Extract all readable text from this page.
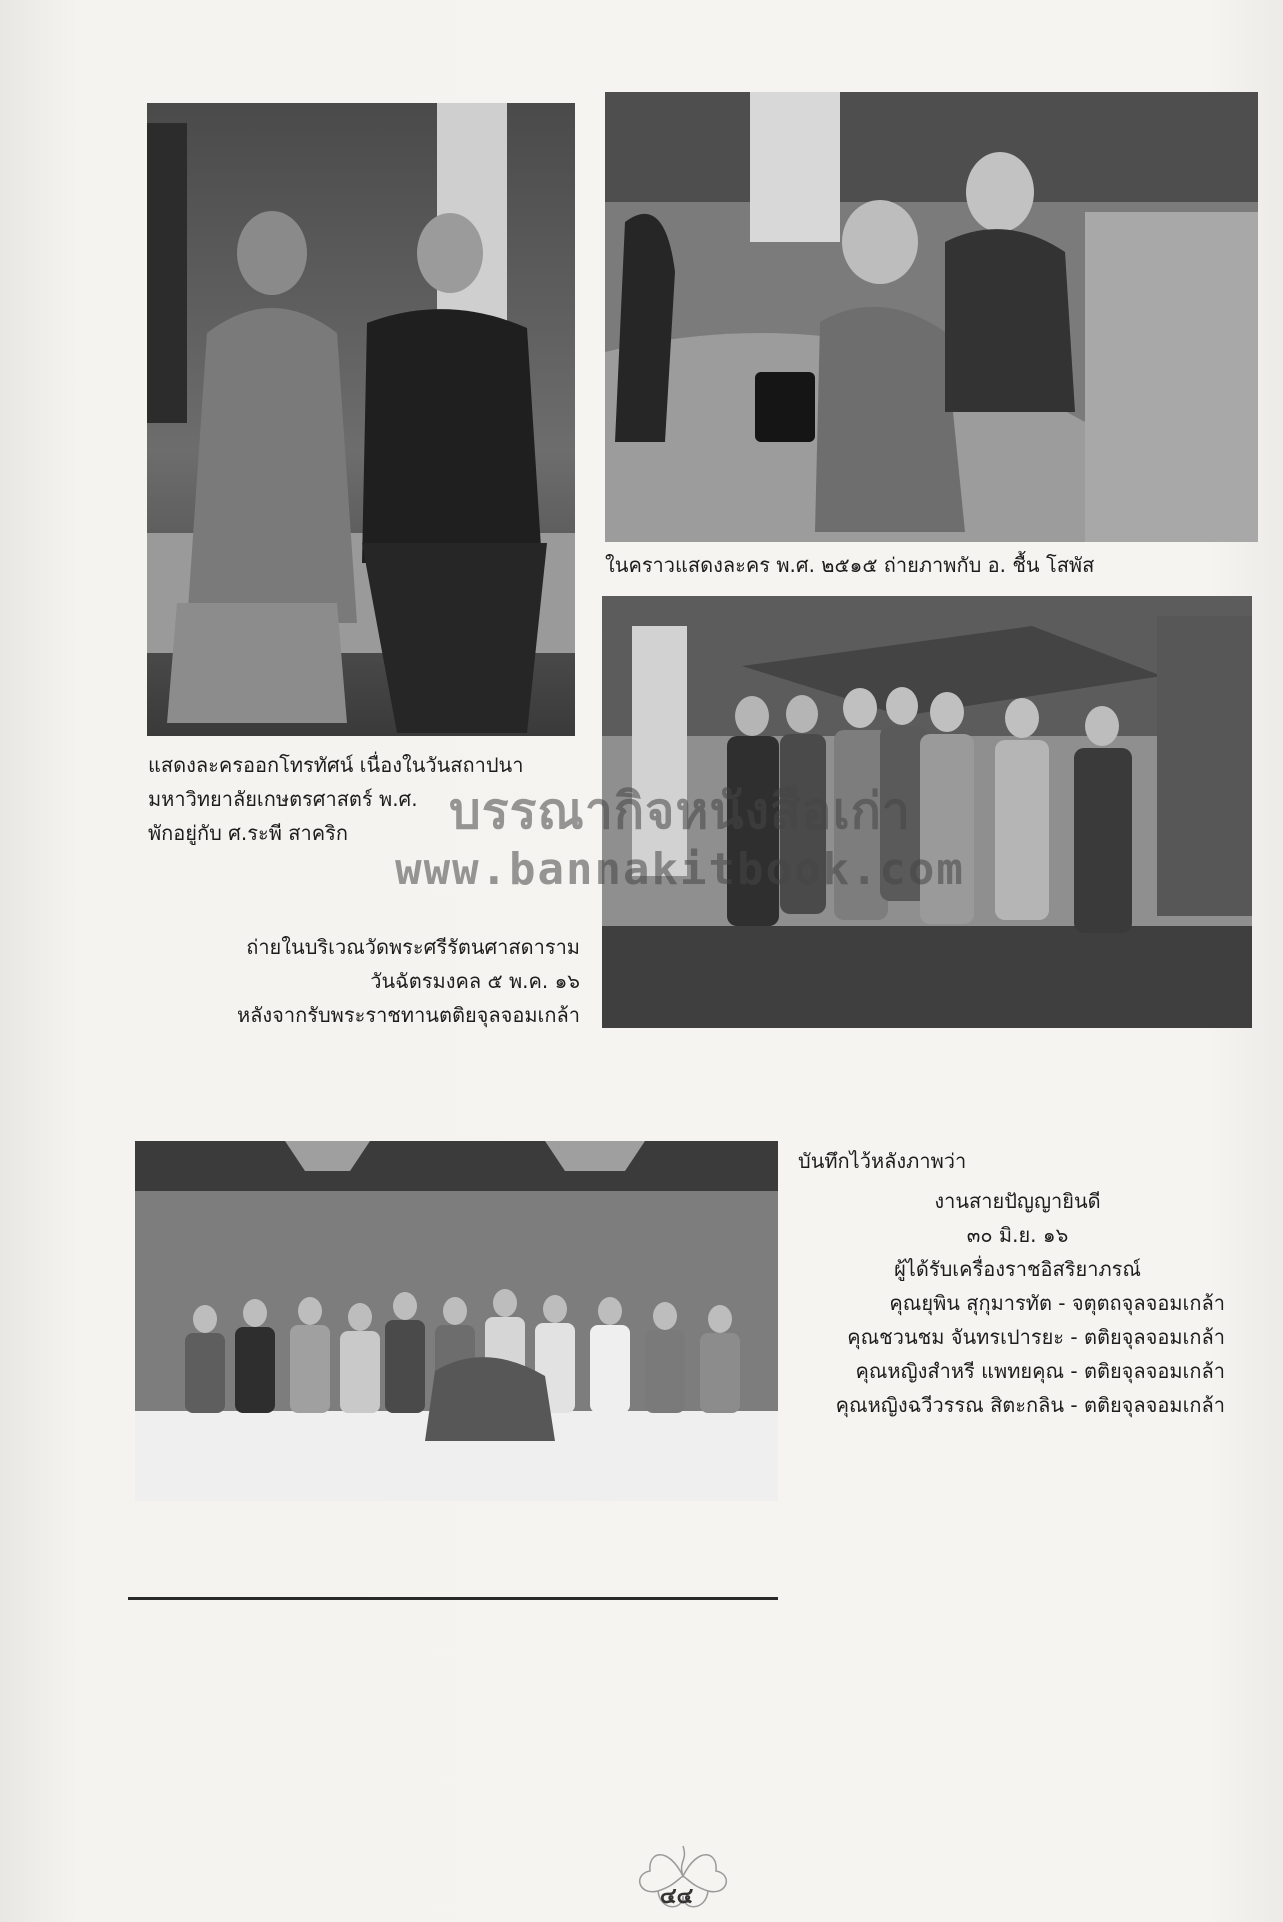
แสดงละครออกโทรทัศน์ เนื่องในวันสถาปนา
มหาวิทยาลัยเกษตรศาสตร์ พ.ศ.
พักอยู่กับ ศ.ระพี สาคริก
ในคราวแสดงละคร พ.ศ. ๒๕๑๕ ถ่ายภาพกับ อ. ชื้น โสพัส
ถ่ายในบริเวณวัดพระศรีรัตนศาสดาราม
วันฉัตรมงคล ๕ พ.ค. ๑๖
หลังจากรับพระราชทานตติยจุลจอมเกล้า
บันทึกไว้หลังภาพว่า
งานสายปัญญายินดี
๓๐ มิ.ย. ๑๖
ผู้ได้รับเครื่องราชอิสริยาภรณ์
คุณยุพิน สุกุมารทัต - จตุตถจุลจอมเกล้า
คุณชวนชม จันทรเปารยะ - ตติยจุลจอมเกล้า
คุณหญิงสำหรี แพทยคุณ - ตติยจุลจอมเกล้า
คุณหญิงฉวีวรรณ สิตะกลิน - ตติยจุลจอมเกล้า
บรรณากิจหนังสือเก่า
www.bannakitbook.com
๔๔
